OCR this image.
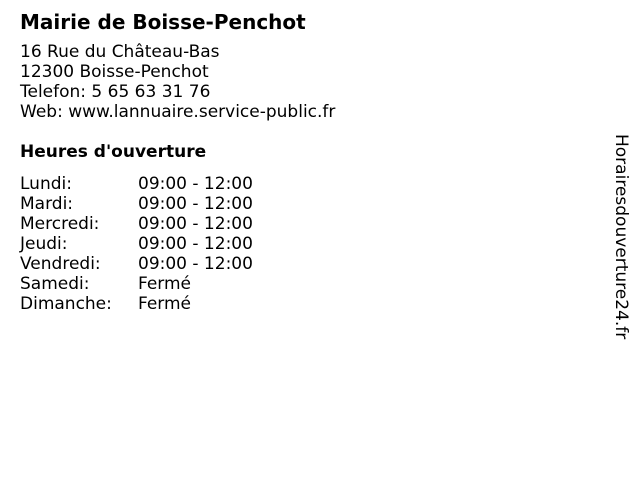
Mairie de Boisse-Penchot
16 Rue du Château-Bas
12300 Boisse-Penchot
Telefon: 5 65 63 31 76
Web: www.lannuaire.service-public.fr
Heures d'ouverture
Lundi:	09:00 - 12:00
Mardi:	09:00 - 12:00
Mercredi:	09:00 - 12:00
Jeudi:	09:00 - 12:00
Vendredi:	09:00 - 12:00
Samedi:	Fermé
Dimanche:	Fermé	Horairesdouverture24.fr
